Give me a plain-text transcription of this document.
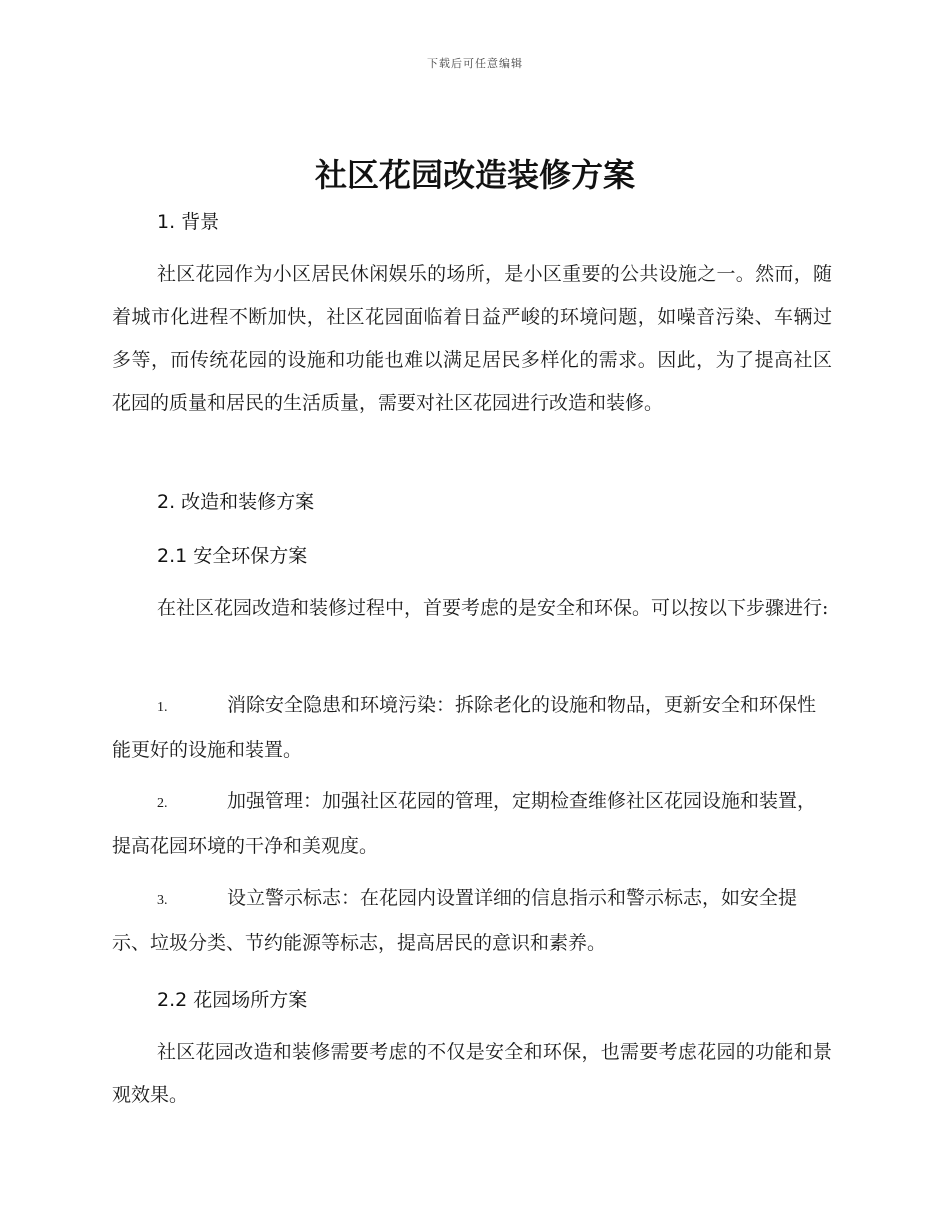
下载后可任意编辑
社区花园改造装修方案
1. 背景
社区花园作为小区居民休闲娱乐的场所，是小区重要的公共设施之一。然而，随着城市化进程不断加快，社区花园面临着日益严峻的环境问题，如噪音污染、车辆过多等，而传统花园的设施和功能也难以满足居民多样化的需求。因此，为了提高社区花园的质量和居民的生活质量，需要对社区花园进行改造和装修。
2. 改造和装修方案
2.1 安全环保方案
在社区花园改造和装修过程中，首要考虑的是安全和环保。可以按以下步骤进行:
1.	消除安全隐患和环境污染：拆除老化的设施和物品，更新安全和环保性能更好的设施和装置。
2.	加强管理：加强社区花园的管理，定期检查维修社区花园设施和装置，提高花园环境的干净和美观度。
3.	设立警示标志：在花园内设置详细的信息指示和警示标志，如安全提示、垃圾分类、节约能源等标志，提高居民的意识和素养。
2.2 花园场所方案
社区花园改造和装修需要考虑的不仅是安全和环保，也需要考虑花园的功能和景观效果。
